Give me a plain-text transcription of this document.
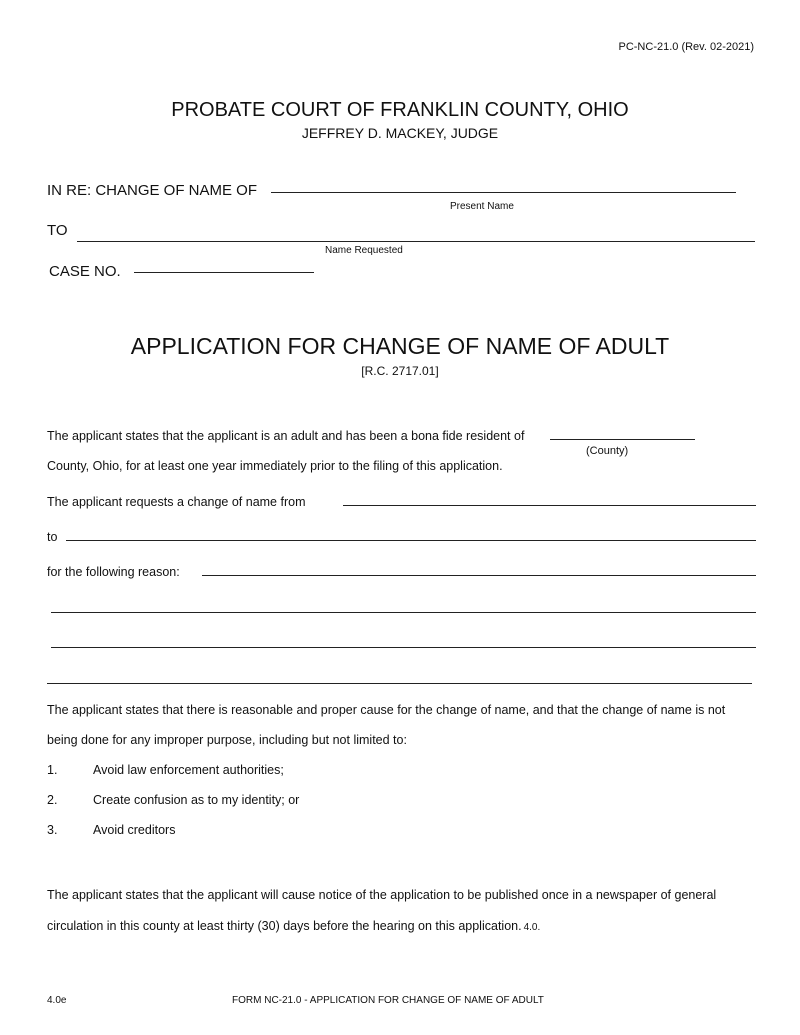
PC-NC-21.0 (Rev. 02-2021)
PROBATE COURT OF FRANKLIN COUNTY, OHIO
JEFFREY D. MACKEY, JUDGE
IN RE: CHANGE OF NAME OF
Present Name
TO
Name Requested
CASE NO.
APPLICATION FOR CHANGE OF NAME OF ADULT
[R.C. 2717.01]
The applicant states that the applicant is an adult and has been a bona fide resident of
(County)
County, Ohio, for at least one year immediately prior to the filing of this application.
The applicant requests a change of name from
to
for the following reason:
The applicant states that there is reasonable and proper cause for the change of name, and that the change of name is not
being done for any improper purpose, including but not limited to:
1.	Avoid law enforcement authorities;
2.	Create confusion as to my identity; or
3.	Avoid creditors
The applicant states that the applicant will cause notice of the application to be published once in a newspaper of general
circulation in this county at least thirty (30) days before the hearing on this application. 4.0.
4.0e	FORM NC-21.0 - APPLICATION FOR CHANGE OF NAME OF ADULT
